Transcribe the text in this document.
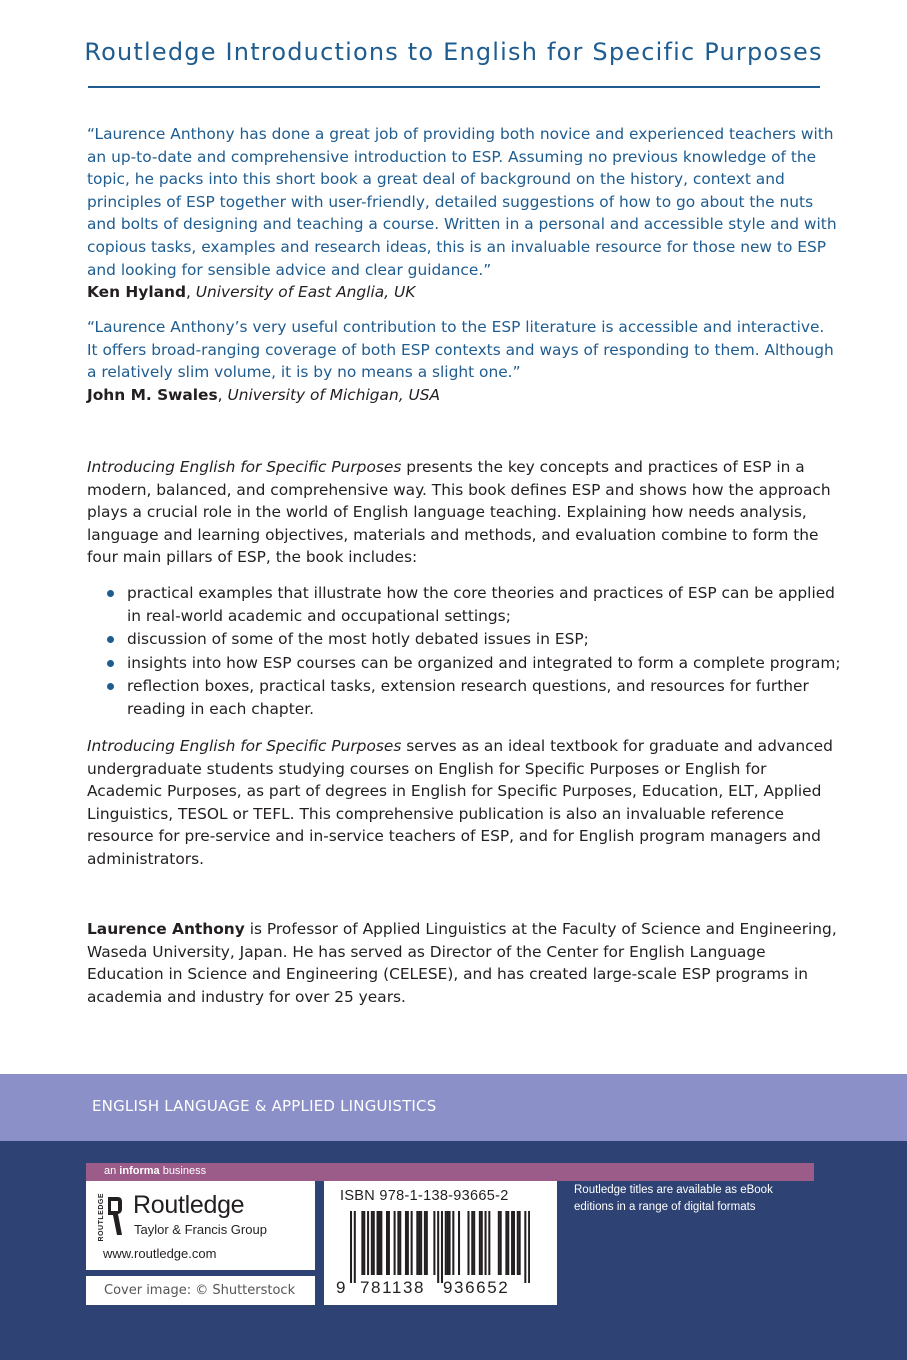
Routledge Introductions to English for Specific Purposes
“Laurence Anthony has done a great job of providing both novice and experienced teachers with an up-to-date and comprehensive introduction to ESP. Assuming no previous knowledge of the topic, he packs into this short book a great deal of background on the history, context and principles of ESP together with user-friendly, detailed suggestions of how to go about the nuts and bolts of designing and teaching a course. Written in a personal and accessible style and with copious tasks, examples and research ideas, this is an invaluable resource for those new to ESP and looking for sensible advice and clear guidance.”
Ken Hyland, University of East Anglia, UK
“Laurence Anthony’s very useful contribution to the ESP literature is accessible and interactive. It offers broad-ranging coverage of both ESP contexts and ways of responding to them. Although a relatively slim volume, it is by no means a slight one.”
John M. Swales, University of Michigan, USA
Introducing English for Specific Purposes presents the key concepts and practices of ESP in a modern, balanced, and comprehensive way. This book defines ESP and shows how the approach plays a crucial role in the world of English language teaching. Explaining how needs analysis, language and learning objectives, materials and methods, and evaluation combine to form the four main pillars of ESP, the book includes:
practical examples that illustrate how the core theories and practices of ESP can be applied in real-world academic and occupational settings;
discussion of some of the most hotly debated issues in ESP;
insights into how ESP courses can be organized and integrated to form a complete program;
reflection boxes, practical tasks, extension research questions, and resources for further reading in each chapter.
Introducing English for Specific Purposes serves as an ideal textbook for graduate and advanced undergraduate students studying courses on English for Specific Purposes or English for Academic Purposes, as part of degrees in English for Specific Purposes, Education, ELT, Applied Linguistics, TESOL or TEFL. This comprehensive publication is also an invaluable reference resource for pre-service and in-service teachers of ESP, and for English program managers and administrators.
Laurence Anthony is Professor of Applied Linguistics at the Faculty of Science and Engineering, Waseda University, Japan. He has served as Director of the Center for English Language Education in Science and Engineering (CELESE), and has created large-scale ESP programs in academia and industry for over 25 years.
ENGLISH LANGUAGE & APPLIED LINGUISTICS
an informa business
ROUTLEDGE Routledge
Taylor & Francis Group
www.routledge.com
Cover image: © Shutterstock
ISBN 978-1-138-93665-2
9 781138 936652
Routledge titles are available as eBook editions in a range of digital formats
